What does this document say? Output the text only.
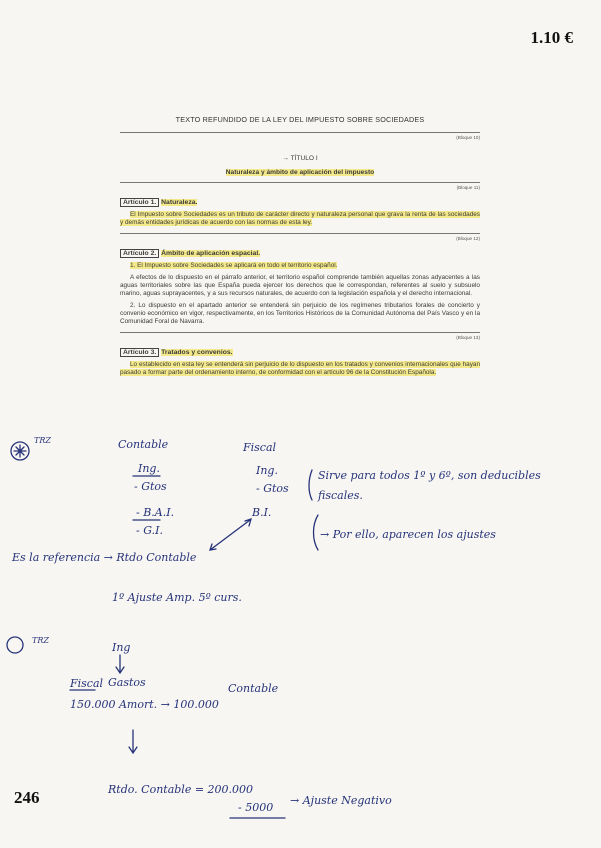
1.10 €
TEXTO REFUNDIDO DE LA LEY DEL IMPUESTO SOBRE SOCIEDADES
(Bloque 10)
→ TÍTULO I
Naturaleza y ámbito de aplicación del impuesto
(Bloque 11)
Artículo 1. Naturaleza.
El Impuesto sobre Sociedades es un tributo de carácter directo y naturaleza personal que grava la renta de las sociedades y demás entidades jurídicas de acuerdo con las normas de esta ley.
(Bloque 12)
Artículo 2. Ámbito de aplicación espacial.
1. El Impuesto sobre Sociedades se aplicará en todo el territorio español.
A efectos de lo dispuesto en el párrafo anterior, el territorio español comprende también aquellas zonas adyacentes a las aguas territoriales sobre las que España pueda ejercer los derechos que le correspondan, referentes al suelo y subsuelo marino, aguas suprayacentes, y a sus recursos naturales, de acuerdo con la legislación española y el derecho internacional.
2. Lo dispuesto en el apartado anterior se entenderá sin perjuicio de los regímenes tributarios forales de concierto y convenio económico en vigor, respectivamente, en los Territorios Históricos de la Comunidad Autónoma del País Vasco y en la Comunidad Foral de Navarra.
(Bloque 13)
Artículo 3. Tratados y convenios.
Lo establecido en esta ley se entenderá sin perjuicio de lo dispuesto en los tratados y convenios internacionales que hayan pasado a formar parte del ordenamiento interno, de conformidad con el artículo 96 de la Constitución Española.
TRZ	Contable
Ing.
- Gtos
- B.A.I.
- G.I.
Fiscal
Ing.
- Gtos
B.I.
Sirve para todos 1º y 6º, son deducibles fiscales.
→ Por ello, aparecen los ajustes
Es la referencia → Rtdo Contable
1º Ajuste Amp. 5º curs.
TRZ
Ing
Gastos
Fiscal	Contable
150.000 Amort. → 100.000
Rtdo. Contable = 200.000
- 5000
→ Ajuste Negativo
246
